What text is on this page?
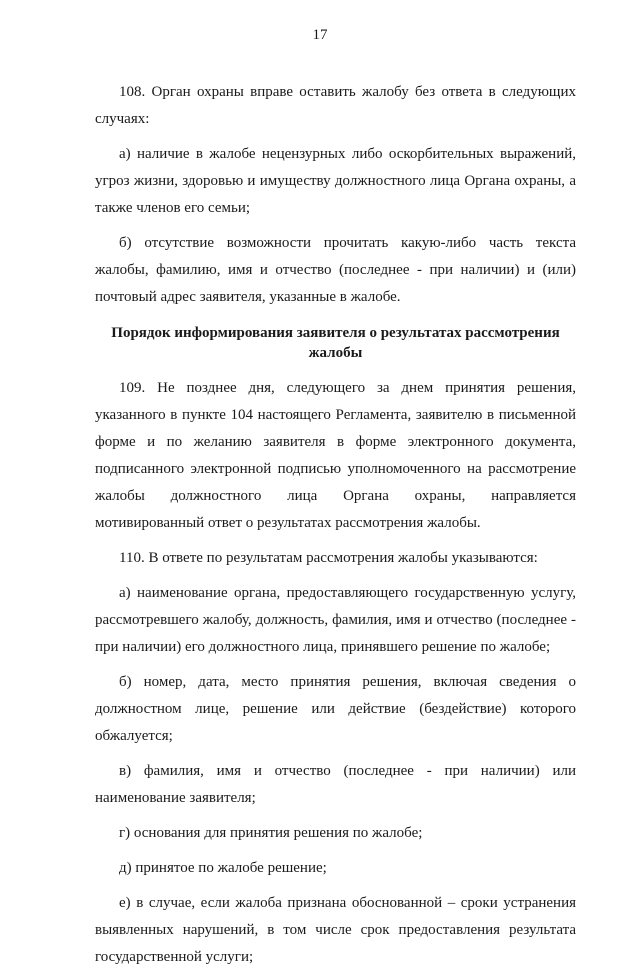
17

108. Орган охраны вправе оставить жалобу без ответа в следующих случаях:

а) наличие в жалобе нецензурных либо оскорбительных выражений, угроз жизни, здоровью и имуществу должностного лица Органа охраны, а также членов его семьи;

б) отсутствие возможности прочитать какую-либо часть текста жалобы, фамилию, имя и отчество (последнее - при наличии) и (или) почтовый адрес заявителя, указанные в жалобе.

Порядок информирования заявителя о результатах рассмотрения жалобы

109. Не позднее дня, следующего за днем принятия решения, указанного в пункте 104 настоящего Регламента, заявителю в письменной форме и по желанию заявителя в форме электронного документа, подписанного электронной подписью уполномоченного на рассмотрение жалобы должностного лица Органа охраны, направляется мотивированный ответ о результатах рассмотрения жалобы.

110. В ответе по результатам рассмотрения жалобы указываются:

а) наименование органа, предоставляющего государственную услугу, рассмотревшего жалобу, должность, фамилия, имя и отчество (последнее - при наличии) его должностного лица, принявшего решение по жалобе;

б) номер, дата, место принятия решения, включая сведения о должностном лице, решение или действие (бездействие) которого обжалуется;

в) фамилия, имя и отчество (последнее - при наличии) или наименование заявителя;

г) основания для принятия решения по жалобе;

д) принятое по жалобе решение;

е) в случае, если жалоба признана обоснованной – сроки устранения выявленных нарушений, в том числе срок предоставления результата государственной услуги;
